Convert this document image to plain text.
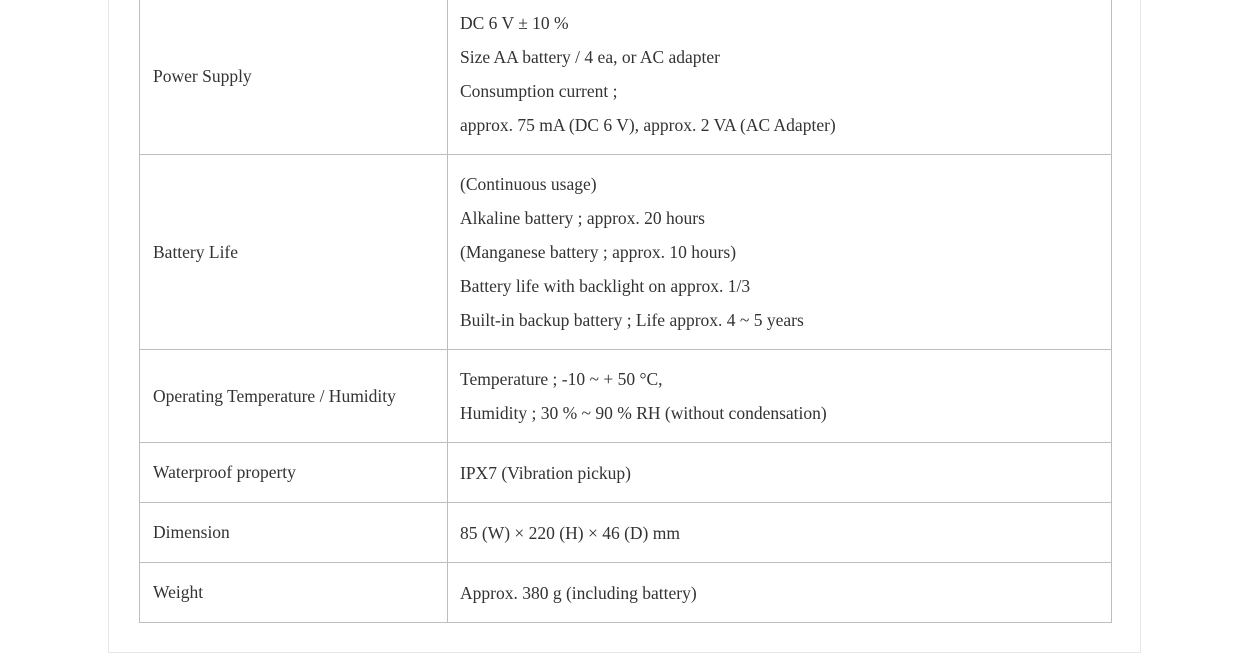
Power Supply	DC 6 V ± 10 %
Size AA battery / 4 ea, or AC adapter
Consumption current ;
approx. 75 mA (DC 6 V), approx. 2 VA (AC Adapter)

Battery Life	(Continuous usage)
Alkaline battery ; approx. 20 hours
(Manganese battery ; approx. 10 hours)
Battery life with backlight on approx. 1/3
Built-in backup battery ; Life approx. 4 ~ 5 years

Operating Temperature / Humidity	Temperature ; -10 ~ + 50 °C,
Humidity ; 30 % ~ 90 % RH (without condensation)

Waterproof property	IPX7 (Vibration pickup)

Dimension	85 (W) × 220 (H) × 46 (D) mm

Weight	Approx. 380 g (including battery)
